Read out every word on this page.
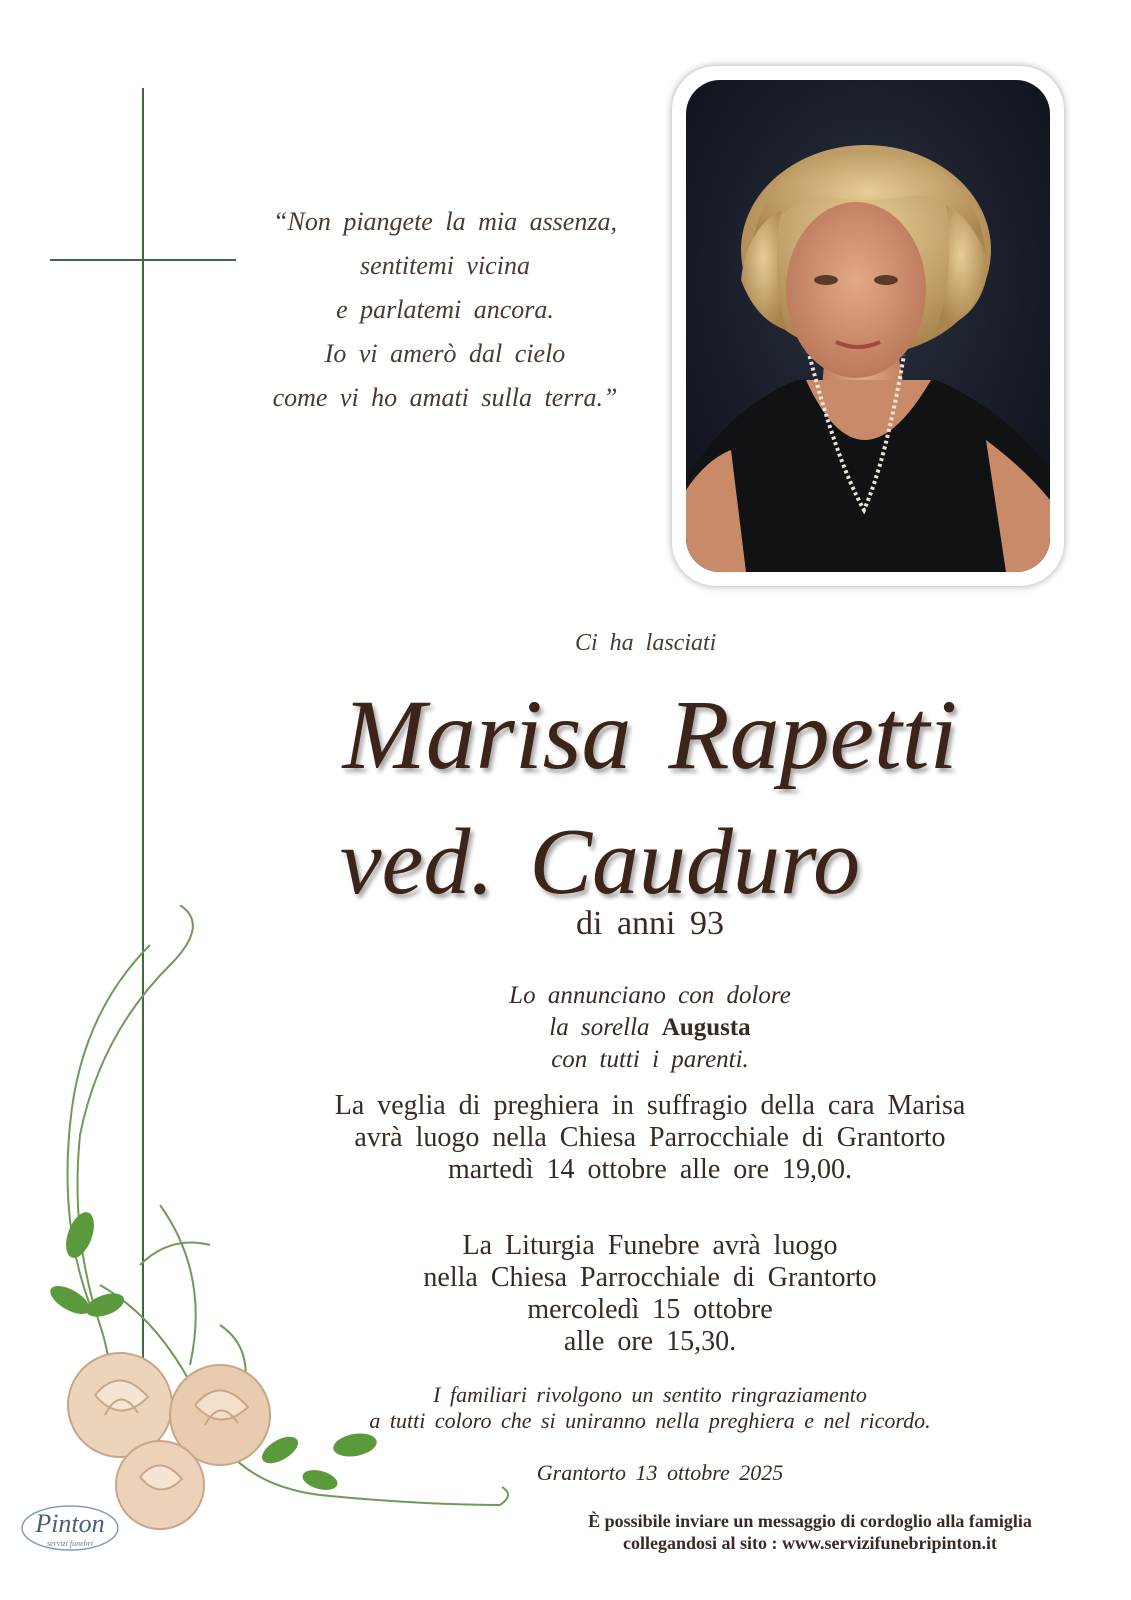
“Non piangete la mia assenza,
sentitemi vicina
e parlatemi ancora.
Io vi amerò dal cielo
come vi ho amati sulla terra.”
Ci ha lasciati
Marisa Rapetti
ved. Cauduro
di anni 93
Lo annunciano con dolore
la sorella Augusta
con tutti i parenti.
La veglia di preghiera in suffragio della cara Marisa
avrà luogo nella Chiesa Parrocchiale di Grantorto
martedì 14 ottobre alle ore 19,00.
La Liturgia Funebre avrà luogo
nella Chiesa Parrocchiale di Grantorto
mercoledì 15 ottobre
alle ore 15,30.
I familiari rivolgono un sentito ringraziamento
a tutti coloro che si uniranno nella preghiera e nel ricordo.
Grantorto 13 ottobre 2025
È possibile inviare un messaggio di cordoglio alla famiglia
collegandosi al sito : www.servizifunebripinton.it
Pinton
servizi funebri
